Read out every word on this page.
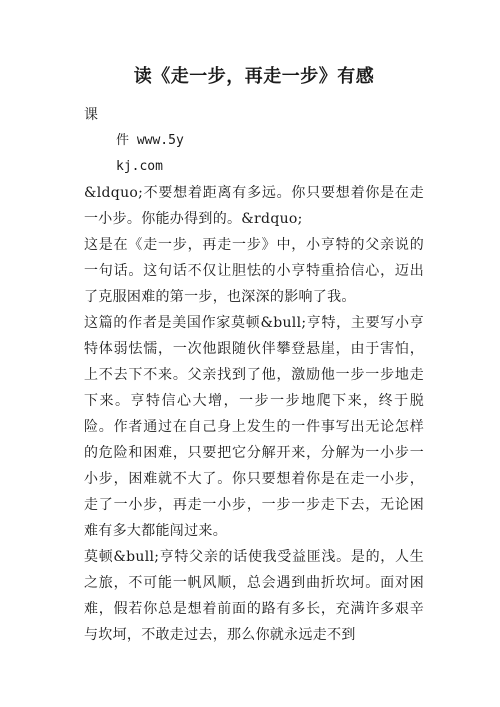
读《走一步，再走一步》有感
课
件 www.5y
kj.com

&ldquo;不要想着距离有多远。你只要想着你是在走一小步。你能办得到的。&rdquo;

这是在《走一步，再走一步》中，小亨特的父亲说的一句话。这句话不仅让胆怯的小亨特重拾信心，迈出了克服困难的第一步，也深深的影响了我。

这篇的作者是美国作家莫顿&bull;亨特，主要写小亨特体弱怯懦，一次他跟随伙伴攀登悬崖，由于害怕，上不去下不来。父亲找到了他，激励他一步一步地走下来。亨特信心大增，一步一步地爬下来，终于脱险。作者通过在自己身上发生的一件事写出无论怎样的危险和困难，只要把它分解开来，分解为一小步一小步，困难就不大了。你只要想着你是在走一小步，走了一小步，再走一小步，一步一步走下去，无论困难有多大都能闯过来。

莫顿&bull;亨特父亲的话使我受益匪浅。是的，人生之旅，不可能一帆风顺，总会遇到曲折坎坷。面对困难，假若你总是想着前面的路有多长，充满许多艰辛与坎坷，不敢走过去，那么你就永远走不到
